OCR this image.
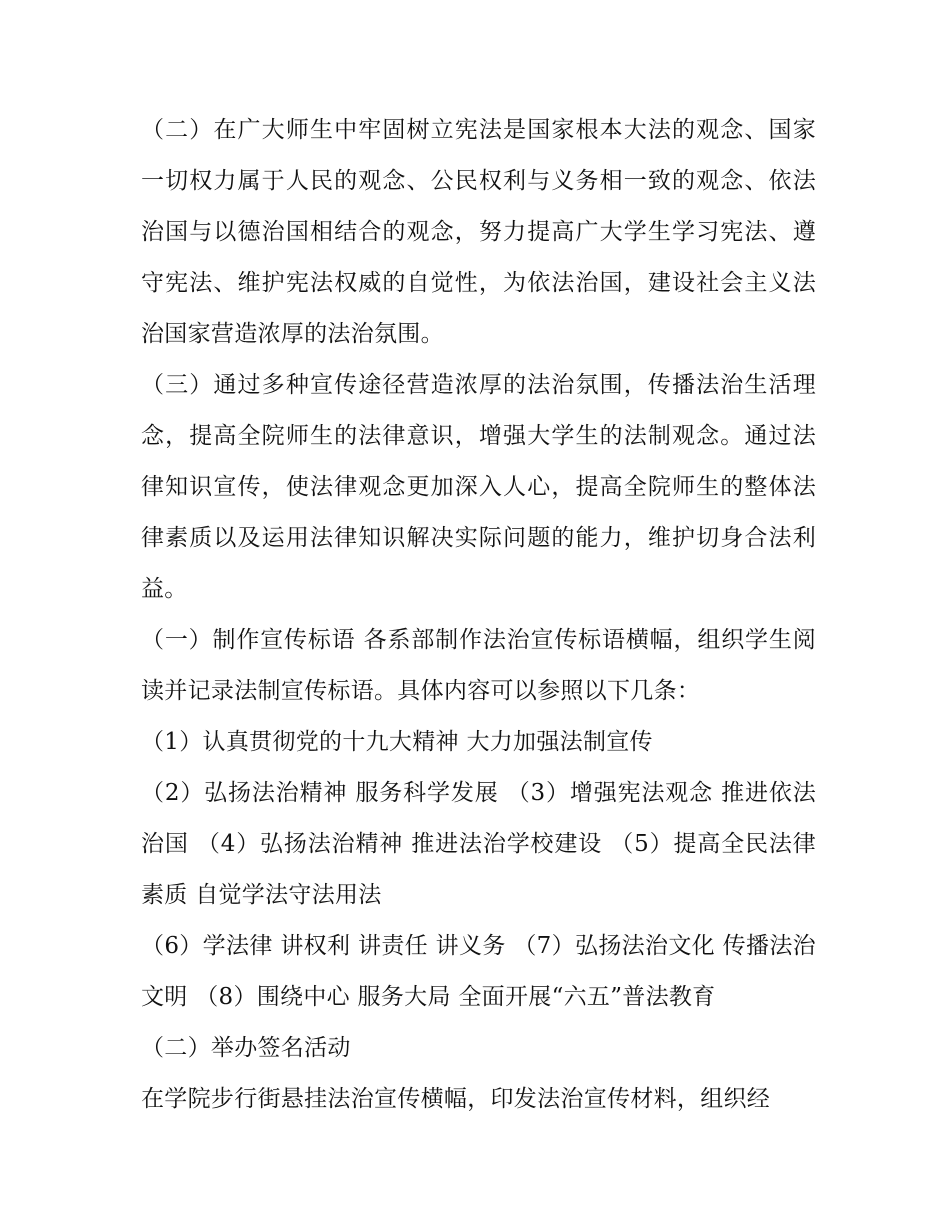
（二）在广大师生中牢固树立宪法是国家根本大法的观念、国家一切权力属于人民的观念、公民权利与义务相一致的观念、依法治国与以德治国相结合的观念，努力提高广大学生学习宪法、遵守宪法、维护宪法权威的自觉性，为依法治国，建设社会主义法治国家营造浓厚的法治氛围。

（三）通过多种宣传途径营造浓厚的法治氛围，传播法治生活理念，提高全院师生的法律意识，增强大学生的法制观念。通过法律知识宣传，使法律观念更加深入人心，提高全院师生的整体法律素质以及运用法律知识解决实际问题的能力，维护切身合法利益。

（一）制作宣传标语 各系部制作法治宣传标语横幅，组织学生阅读并记录法制宣传标语。具体内容可以参照以下几条：

（1）认真贯彻党的十九大精神 大力加强法制宣传

（2）弘扬法治精神 服务科学发展 （3）增强宪法观念 推进依法治国 （4）弘扬法治精神 推进法治学校建设 （5）提高全民法律素质 自觉学法守法用法

（6）学法律 讲权利 讲责任 讲义务 （7）弘扬法治文化 传播法治文明 （8）围绕中心 服务大局 全面开展“六五”普法教育

（二）举办签名活动

在学院步行街悬挂法治宣传横幅，印发法治宣传材料，组织经
